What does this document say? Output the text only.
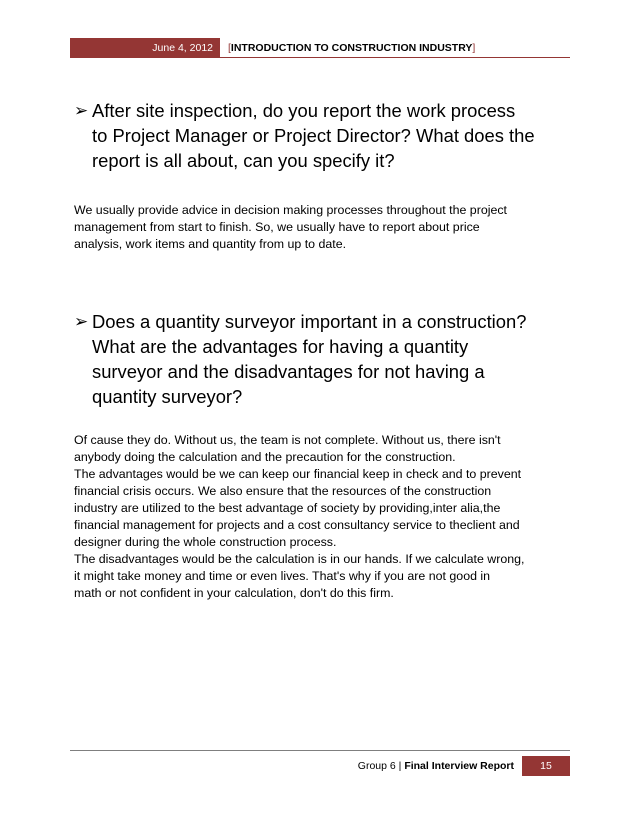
June 4, 2012	[INTRODUCTION TO CONSTRUCTION INDUSTRY]
➢ After site inspection, do you report the work process
to Project Manager or Project Director? What does the
report is all about, can you specify it?
We usually provide advice in decision making processes throughout the project
management from start to finish. So, we usually have to report about price
analysis, work items and quantity from up to date.
➢ Does a quantity surveyor important in a construction?
What are the advantages for having a quantity
surveyor and the disadvantages for not having a
quantity surveyor?
Of cause they do. Without us, the team is not complete. Without us, there isn't
anybody doing the calculation and the precaution for the construction.
The advantages would be we can keep our financial keep in check and to prevent
financial crisis occurs. We also ensure that the resources of the construction
industry are utilized to the best advantage of society by providing,inter alia,the
financial management for projects and a cost consultancy service to theclient and
designer during the whole construction process.
The disadvantages would be the calculation is in our hands. If we calculate wrong,
it might take money and time or even lives. That's why if you are not good in
math or not confident in your calculation, don't do this firm.
Group 6 | Final Interview Report	15
